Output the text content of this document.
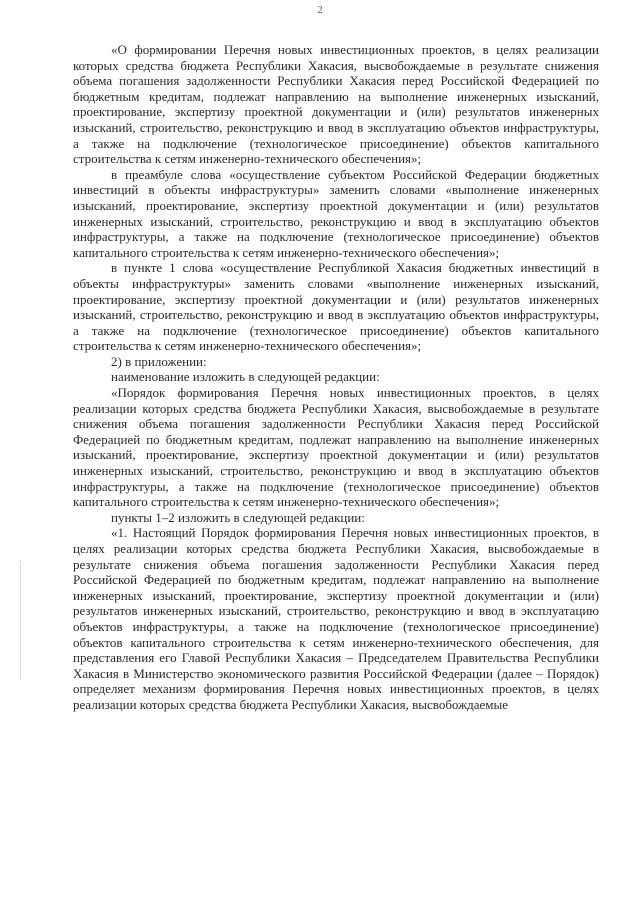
2

«О формировании Перечня новых инвестиционных проектов, в целях реализации которых средства бюджета Республики Хакасия, высвобождаемые в результате снижения объема погашения задолженности Республики Хакасия перед Российской Федерацией по бюджетным кредитам, подлежат направлению на выполнение инженерных изысканий, проектирование, экспертизу проектной документации и (или) результатов инженерных изысканий, строительство, реконструкцию и ввод в эксплуатацию объектов инфраструктуры, а также на подключение (технологическое присоединение) объектов капитального строительства к сетям инженерно-технического обеспечения»;

в преамбуле слова «осуществление субъектом Российской Федерации бюджетных инвестиций в объекты инфраструктуры» заменить словами «выполнение инженерных изысканий, проектирование, экспертизу проектной документации и (или) результатов инженерных изысканий, строительство, реконструкцию и ввод в эксплуатацию объектов инфраструктуры, а также на подключение (технологическое присоединение) объектов капитального строительства к сетям инженерно-технического обеспечения»;

в пункте 1 слова «осуществление Республикой Хакасия бюджетных инвестиций в объекты инфраструктуры» заменить словами «выполнение инженерных изысканий, проектирование, экспертизу проектной документации и (или) результатов инженерных изысканий, строительство, реконструкцию и ввод в эксплуатацию объектов инфраструктуры, а также на подключение (технологическое присоединение) объектов капитального строительства к сетям инженерно-технического обеспечения»;

2) в приложении:

наименование изложить в следующей редакции:

«Порядок формирования Перечня новых инвестиционных проектов, в целях реализации которых средства бюджета Республики Хакасия, высвобождаемые в результате снижения объема погашения задолженности Республики Хакасия перед Российской Федерацией по бюджетным кредитам, подлежат направлению на выполнение инженерных изысканий, проектирование, экспертизу проектной документации и (или) результатов инженерных изысканий, строительство, реконструкцию и ввод в эксплуатацию объектов инфраструктуры, а также на подключение (технологическое присоединение) объектов капитального строительства к сетям инженерно-технического обеспечения»;

пункты 1–2 изложить в следующей редакции:

«1. Настоящий Порядок формирования Перечня новых инвестиционных проектов, в целях реализации которых средства бюджета Республики Хакасия, высвобождаемые в результате снижения объема погашения задолженности Республики Хакасия перед Российской Федерацией по бюджетным кредитам, подлежат направлению на выполнение инженерных изысканий, проектирование, экспертизу проектной документации и (или) результатов инженерных изысканий, строительство, реконструкцию и ввод в эксплуатацию объектов инфраструктуры, а также на подключение (технологическое присоединение) объектов капитального строительства к сетям инженерно-технического обеспечения, для представления его Главой Республики Хакасия – Председателем Правительства Республики Хакасия в Министерство экономического развития Российской Федерации (далее – Порядок) определяет механизм формирования Перечня новых инвестиционных проектов, в целях реализации которых средства бюджета Республики Хакасия, высвобождаемые
